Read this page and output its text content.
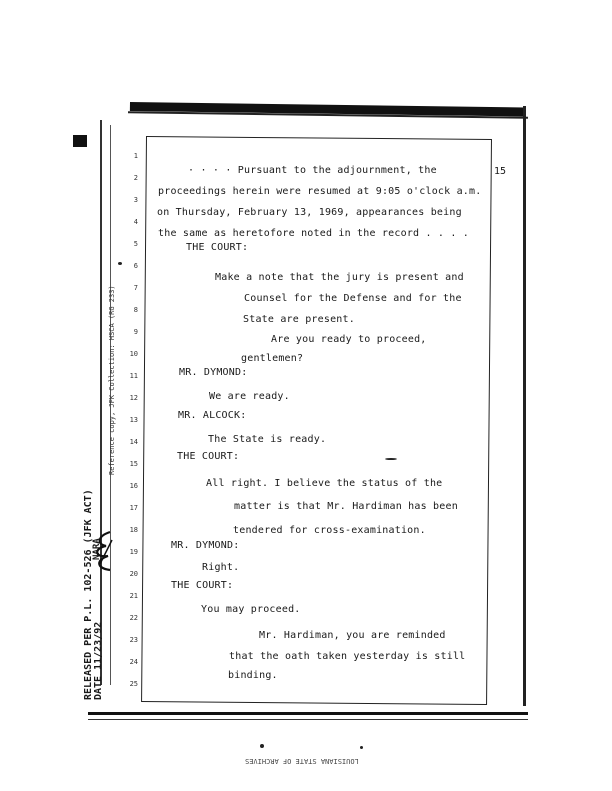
15
1
2
3
4
5
6
7
8
9
10
11
12
13
14
15
16
17
18
19
20
21
22
23
24
25
· · · · Pursuant to the adjournment, the
proceedings herein were resumed at 9:05 o'clock a.m.
on Thursday, February 13, 1969, appearances being
the same as heretofore noted in the record . . . .
THE COURT:
Make a note that the jury is present and
Counsel for the Defense and for the
State are present.
Are you ready to proceed,
gentlemen?
MR. DYMOND:
We are ready.
MR. ALCOCK:
The State is ready.
THE COURT:
All right. I believe the status of the
matter is that Mr. Hardiman has been
tendered for cross-examination.
MR. DYMOND:
Right.
THE COURT:
You may proceed.
Mr. Hardiman, you are reminded
that the oath taken yesterday is still
binding.
Reference copy, JFK Collection: HSCA (RG 233)
RELEASED PER P.L. 102-526 (JFK ACT) DATE 11/23/92
NARA
LOUISIANA STATE OF ARCHIVES
